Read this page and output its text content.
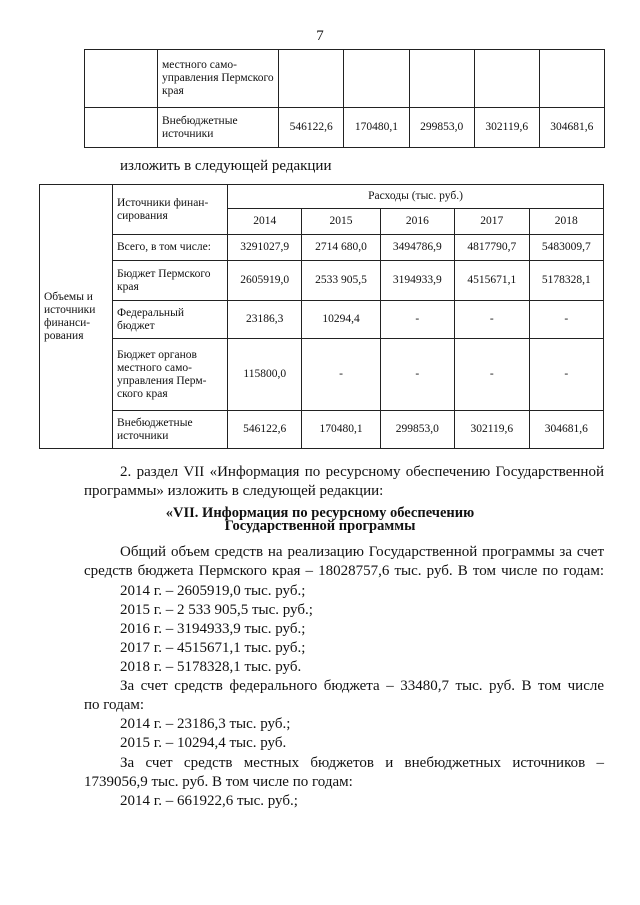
7
	местного само-управления Пермского края					
	Внебюджетные источники	546122,6	170480,1	299853,0	302119,6	304681,6
изложить в следующей редакции
Объемы и источники финанси-рования	Источники финан-сирования	Расходы (тыс. руб.)				
		2014	2015	2016	2017	2018
	Всего, в том числе:	3291027,9	2714 680,0	3494786,9	4817790,7	5483009,7
	Бюджет Пермского края	2605919,0	2533 905,5	3194933,9	4515671,1	5178328,1
	Федеральный бюджет	23186,3	10294,4	-	-	-
	Бюджет органов местного само-управления Перм-ского края	115800,0	-	-	-	-
	Внебюджетные источники	546122,6	170480,1	299853,0	302119,6	304681,6
2. раздел VII «Информация по ресурсному обеспечению Государственной
программы» изложить в следующей редакции:
«VII. Информация по ресурсному обеспечению
Государственной программы
Общий объем средств на реализацию Государственной программы за счет
средств бюджета Пермского края – 18028757,6 тыс. руб. В том числе по годам:
2014 г. – 2605919,0 тыс. руб.;
2015 г. – 2 533 905,5 тыс. руб.;
2016 г. – 3194933,9 тыс. руб.;
2017 г. – 4515671,1 тыс. руб.;
2018 г. – 5178328,1 тыс. руб.
За счет средств федерального бюджета – 33480,7 тыс. руб. В том числе
по годам:
2014 г. – 23186,3 тыс. руб.;
2015 г. – 10294,4 тыс. руб.
За счет средств местных бюджетов и внебюджетных источников –
1739056,9 тыс. руб. В том числе по годам:
2014 г. – 661922,6 тыс. руб.;
